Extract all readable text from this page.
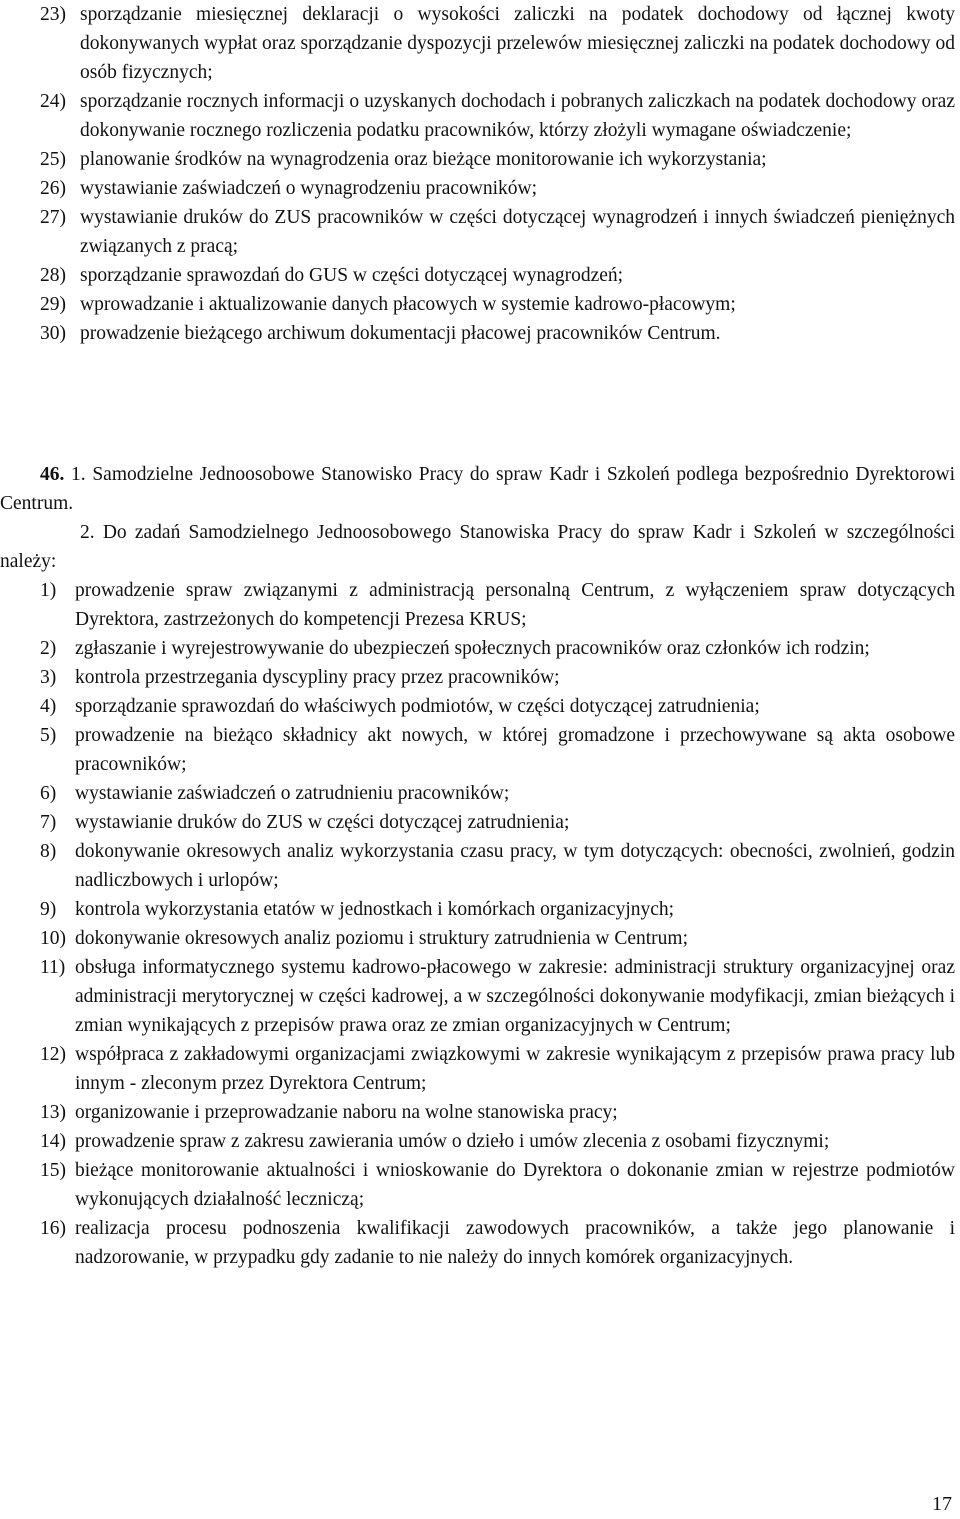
23) sporządzanie miesięcznej deklaracji o wysokości zaliczki na podatek dochodowy od łącznej kwoty dokonywanych wypłat oraz sporządzanie dyspozycji przelewów miesięcznej zaliczki na podatek dochodowy od osób fizycznych;
24) sporządzanie rocznych informacji o uzyskanych dochodach i pobranych zaliczkach na podatek dochodowy oraz dokonywanie rocznego rozliczenia podatku pracowników, którzy złożyli wymagane oświadczenie;
25) planowanie środków na wynagrodzenia oraz bieżące monitorowanie ich wykorzystania;
26) wystawianie zaświadczeń o wynagrodzeniu pracowników;
27) wystawianie druków do ZUS pracowników w części dotyczącej wynagrodzeń i innych świadczeń pieniężnych związanych z pracą;
28) sporządzanie sprawozdań do GUS w części dotyczącej wynagrodzeń;
29) wprowadzanie i aktualizowanie danych płacowych w systemie kadrowo-płacowym;
30) prowadzenie bieżącego archiwum dokumentacji płacowej pracowników Centrum.

46. 1. Samodzielne Jednoosobowe Stanowisko Pracy do spraw Kadr i Szkoleń podlega bezpośrednio Dyrektorowi Centrum.

2. Do zadań Samodzielnego Jednoosobowego Stanowiska Pracy do spraw Kadr i Szkoleń w szczególności należy:

1) prowadzenie spraw związanymi z administracją personalną Centrum, z wyłączeniem spraw dotyczących Dyrektora, zastrzeżonych do kompetencji Prezesa KRUS;
2) zgłaszanie i wyrejestrowywanie do ubezpieczeń społecznych pracowników oraz członków ich rodzin;
3) kontrola przestrzegania dyscypliny pracy przez pracowników;
4) sporządzanie sprawozdań do właściwych podmiotów, w części dotyczącej zatrudnienia;
5) prowadzenie na bieżąco składnicy akt nowych, w której gromadzone i przechowywane są akta osobowe pracowników;
6) wystawianie zaświadczeń o zatrudnieniu pracowników;
7) wystawianie druków do ZUS w części dotyczącej zatrudnienia;
8) dokonywanie okresowych analiz wykorzystania czasu pracy, w tym dotyczących: obecności, zwolnień, godzin nadliczbowych i urlopów;
9) kontrola wykorzystania etatów w jednostkach i komórkach organizacyjnych;
10) dokonywanie okresowych analiz poziomu i struktury zatrudnienia w Centrum;
11) obsługa informatycznego systemu kadrowo-płacowego w zakresie: administracji struktury organizacyjnej oraz administracji merytorycznej w części kadrowej, a w szczególności dokonywanie modyfikacji, zmian bieżących i zmian wynikających z przepisów prawa oraz ze zmian organizacyjnych w Centrum;
12) współpraca z zakładowymi organizacjami związkowymi w zakresie wynikającym z przepisów prawa pracy lub innym - zleconym przez Dyrektora Centrum;
13) organizowanie i przeprowadzanie naboru na wolne stanowiska pracy;
14) prowadzenie spraw z zakresu zawierania umów o dzieło i umów zlecenia z osobami fizycznymi;
15) bieżące monitorowanie aktualności i wnioskowanie do Dyrektora o dokonanie zmian w rejestrze podmiotów wykonujących działalność leczniczą;
16) realizacja procesu podnoszenia kwalifikacji zawodowych pracowników, a także jego planowanie i nadzorowanie, w przypadku gdy zadanie to nie należy do innych komórek organizacyjnych.
17
